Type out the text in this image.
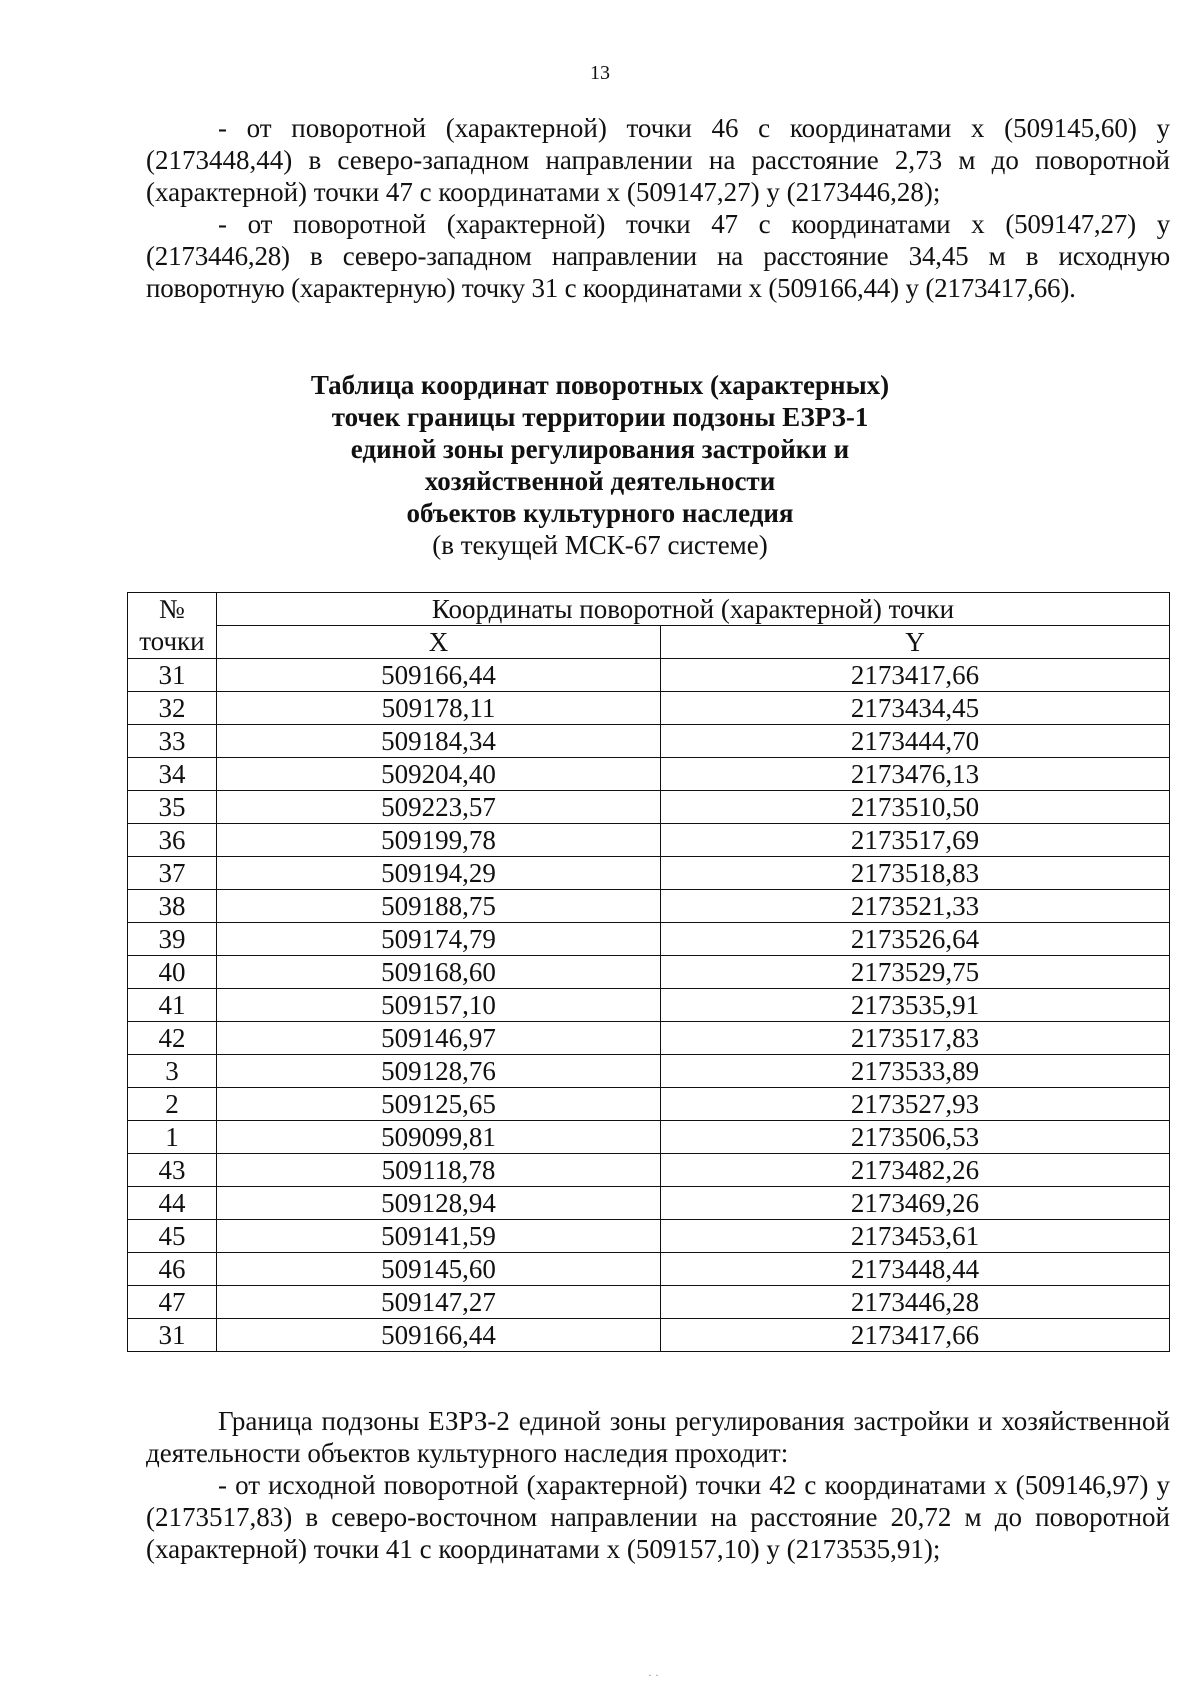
13

- от поворотной (характерной) точки 46 с координатами х (509145,60) у (2173448,44) в северо-западном направлении на расстояние 2,73 м до поворотной (характерной) точки 47 с координатами х (509147,27) у (2173446,28);

- от поворотной (характерной) точки 47 с координатами х (509147,27) у (2173446,28) в северо-западном направлении на расстояние 34,45 м в исходную поворотную (характерную) точку 31 с координатами х (509166,44) у (2173417,66).

Таблица координат поворотных (характерных)
точек границы территории подзоны ЕЗРЗ-1
единой зоны регулирования застройки и
хозяйственной деятельности
объектов культурного наследия
(в текущей МСК-67 системе)
№	Координаты поворотной (характерной) точки	
точки	X	Y
31	509166,44	2173417,66
32	509178,11	2173434,45
33	509184,34	2173444,70
34	509204,40	2173476,13
35	509223,57	2173510,50
36	509199,78	2173517,69
37	509194,29	2173518,83
38	509188,75	2173521,33
39	509174,79	2173526,64
40	509168,60	2173529,75
41	509157,10	2173535,91
42	509146,97	2173517,83
3	509128,76	2173533,89
2	509125,65	2173527,93
1	509099,81	2173506,53
43	509118,78	2173482,26
44	509128,94	2173469,26
45	509141,59	2173453,61
46	509145,60	2173448,44
47	509147,27	2173446,28
31	509166,44	2173417,66

Граница подзоны ЕЗРЗ-2 единой зоны регулирования застройки и хозяйственной деятельности объектов культурного наследия проходит:

- от исходной поворотной (характерной) точки 42 с координатами х (509146,97) у (2173517,83) в северо-восточном направлении на расстояние 20,72 м до поворотной (характерной) точки 41 с координатами х (509157,10) у (2173535,91);

· ·
